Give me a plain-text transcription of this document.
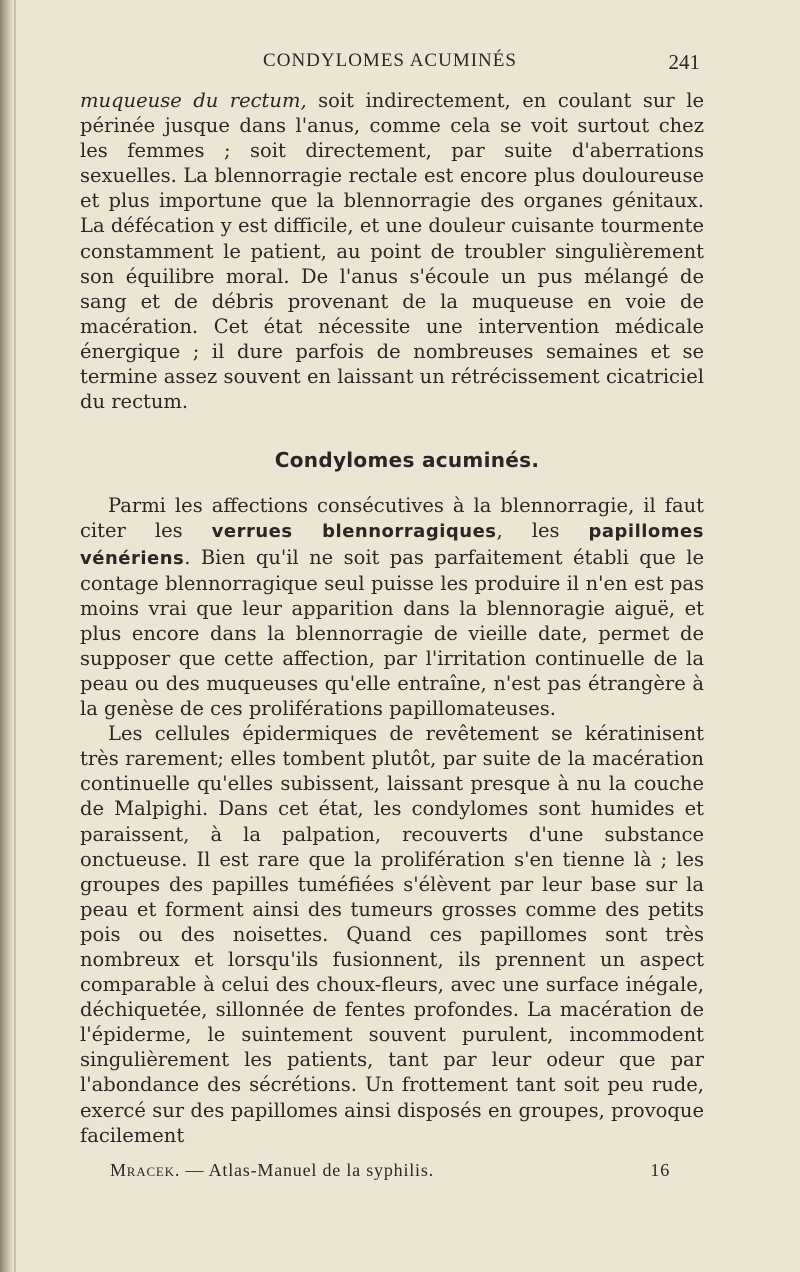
CONDYLOMES ACUMINÉS	241

muqueuse du rectum, soit indirectement, en coulant sur le périnée jusque dans l'anus, comme cela se voit surtout chez les femmes ; soit directement, par suite d'aberrations sexuelles. La blennorragie rectale est encore plus douloureuse et plus importune que la blennorragie des organes génitaux. La défécation y est difficile, et une douleur cuisante tourmente constamment le patient, au point de troubler singulièrement son équilibre moral. De l'anus s'écoule un pus mélangé de sang et de débris provenant de la muqueuse en voie de macération. Cet état nécessite une intervention médicale énergique ; il dure parfois de nombreuses semaines et se termine assez souvent en laissant un rétrécissement cicatriciel du rectum.

Condylomes acuminés.

Parmi les affections consécutives à la blennorragie, il faut citer les verrues blennorragiques, les papillomes vénériens. Bien qu'il ne soit pas parfaitement établi que le contage blennorragique seul puisse les produire il n'en est pas moins vrai que leur apparition dans la blennoragie aiguë, et plus encore dans la blennorragie de vieille date, permet de supposer que cette affection, par l'irritation continuelle de la peau ou des muqueuses qu'elle entraîne, n'est pas étrangère à la genèse de ces proliférations papillomateuses.

Les cellules épidermiques de revêtement se kératinisent très rarement; elles tombent plutôt, par suite de la macération continuelle qu'elles subissent, laissant presque à nu la couche de Malpighi. Dans cet état, les condylomes sont humides et paraissent, à la palpation, recouverts d'une substance onctueuse. Il est rare que la prolifération s'en tienne là ; les groupes des papilles tuméfiées s'élèvent par leur base sur la peau et forment ainsi des tumeurs grosses comme des petits pois ou des noisettes. Quand ces papillomes sont très nombreux et lorsqu'ils fusionnent, ils prennent un aspect comparable à celui des choux-fleurs, avec une surface inégale, déchiquetée, sillonnée de fentes profondes. La macération de l'épiderme, le suintement souvent purulent, incommodent singulièrement les patients, tant par leur odeur que par l'abondance des sécrétions. Un frottement tant soit peu rude, exercé sur des papillomes ainsi disposés en groupes, provoque facilement

Mracek. — Atlas-Manuel de la syphilis.	16
